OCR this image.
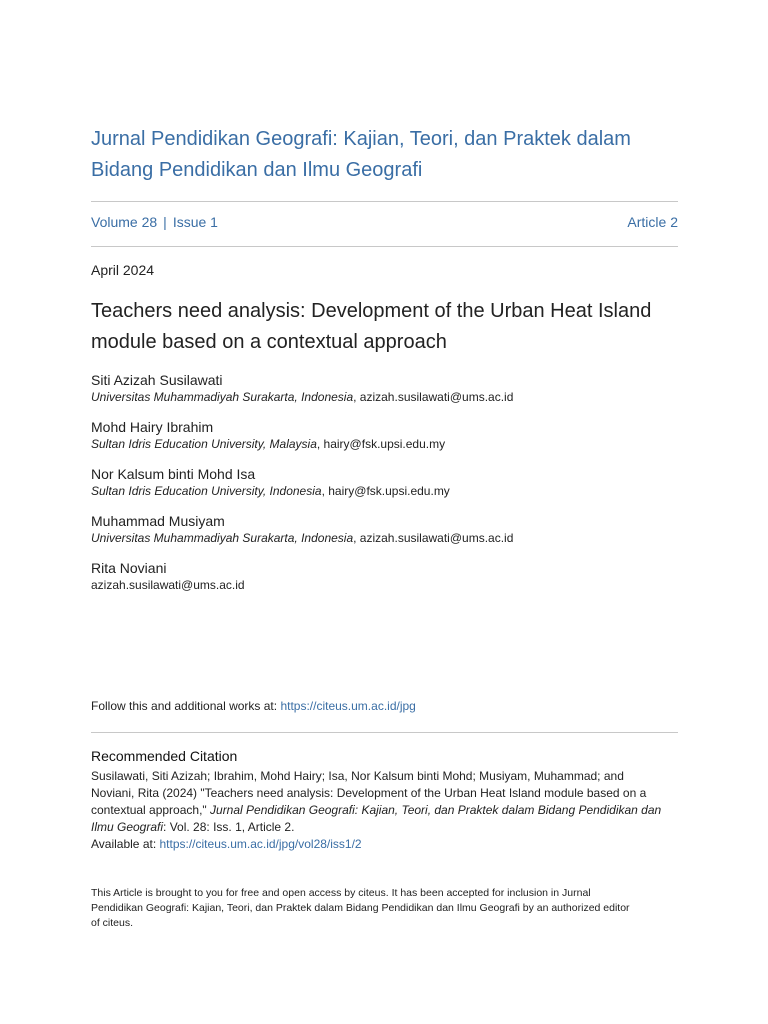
Jurnal Pendidikan Geografi: Kajian, Teori, dan Praktek dalam
Bidang Pendidikan dan Ilmu Geografi
Volume 28 | Issue 1	Article 2
April 2024
Teachers need analysis: Development of the Urban Heat Island
module based on a contextual approach
Siti Azizah Susilawati
Universitas Muhammadiyah Surakarta, Indonesia, azizah.susilawati@ums.ac.id
Mohd Hairy Ibrahim
Sultan Idris Education University, Malaysia, hairy@fsk.upsi.edu.my
Nor Kalsum binti Mohd Isa
Sultan Idris Education University, Indonesia, hairy@fsk.upsi.edu.my
Muhammad Musiyam
Universitas Muhammadiyah Surakarta, Indonesia, azizah.susilawati@ums.ac.id
Rita Noviani
azizah.susilawati@ums.ac.id
Follow this and additional works at: https://citeus.um.ac.id/jpg
Recommended Citation
Susilawati, Siti Azizah; Ibrahim, Mohd Hairy; Isa, Nor Kalsum binti Mohd; Musiyam, Muhammad; and
Noviani, Rita (2024) "Teachers need analysis: Development of the Urban Heat Island module based on a
contextual approach," Jurnal Pendidikan Geografi: Kajian, Teori, dan Praktek dalam Bidang Pendidikan dan
Ilmu Geografi: Vol. 28: Iss. 1, Article 2.
Available at: https://citeus.um.ac.id/jpg/vol28/iss1/2
This Article is brought to you for free and open access by citeus. It has been accepted for inclusion in Jurnal
Pendidikan Geografi: Kajian, Teori, dan Praktek dalam Bidang Pendidikan dan Ilmu Geografi by an authorized editor
of citeus.
